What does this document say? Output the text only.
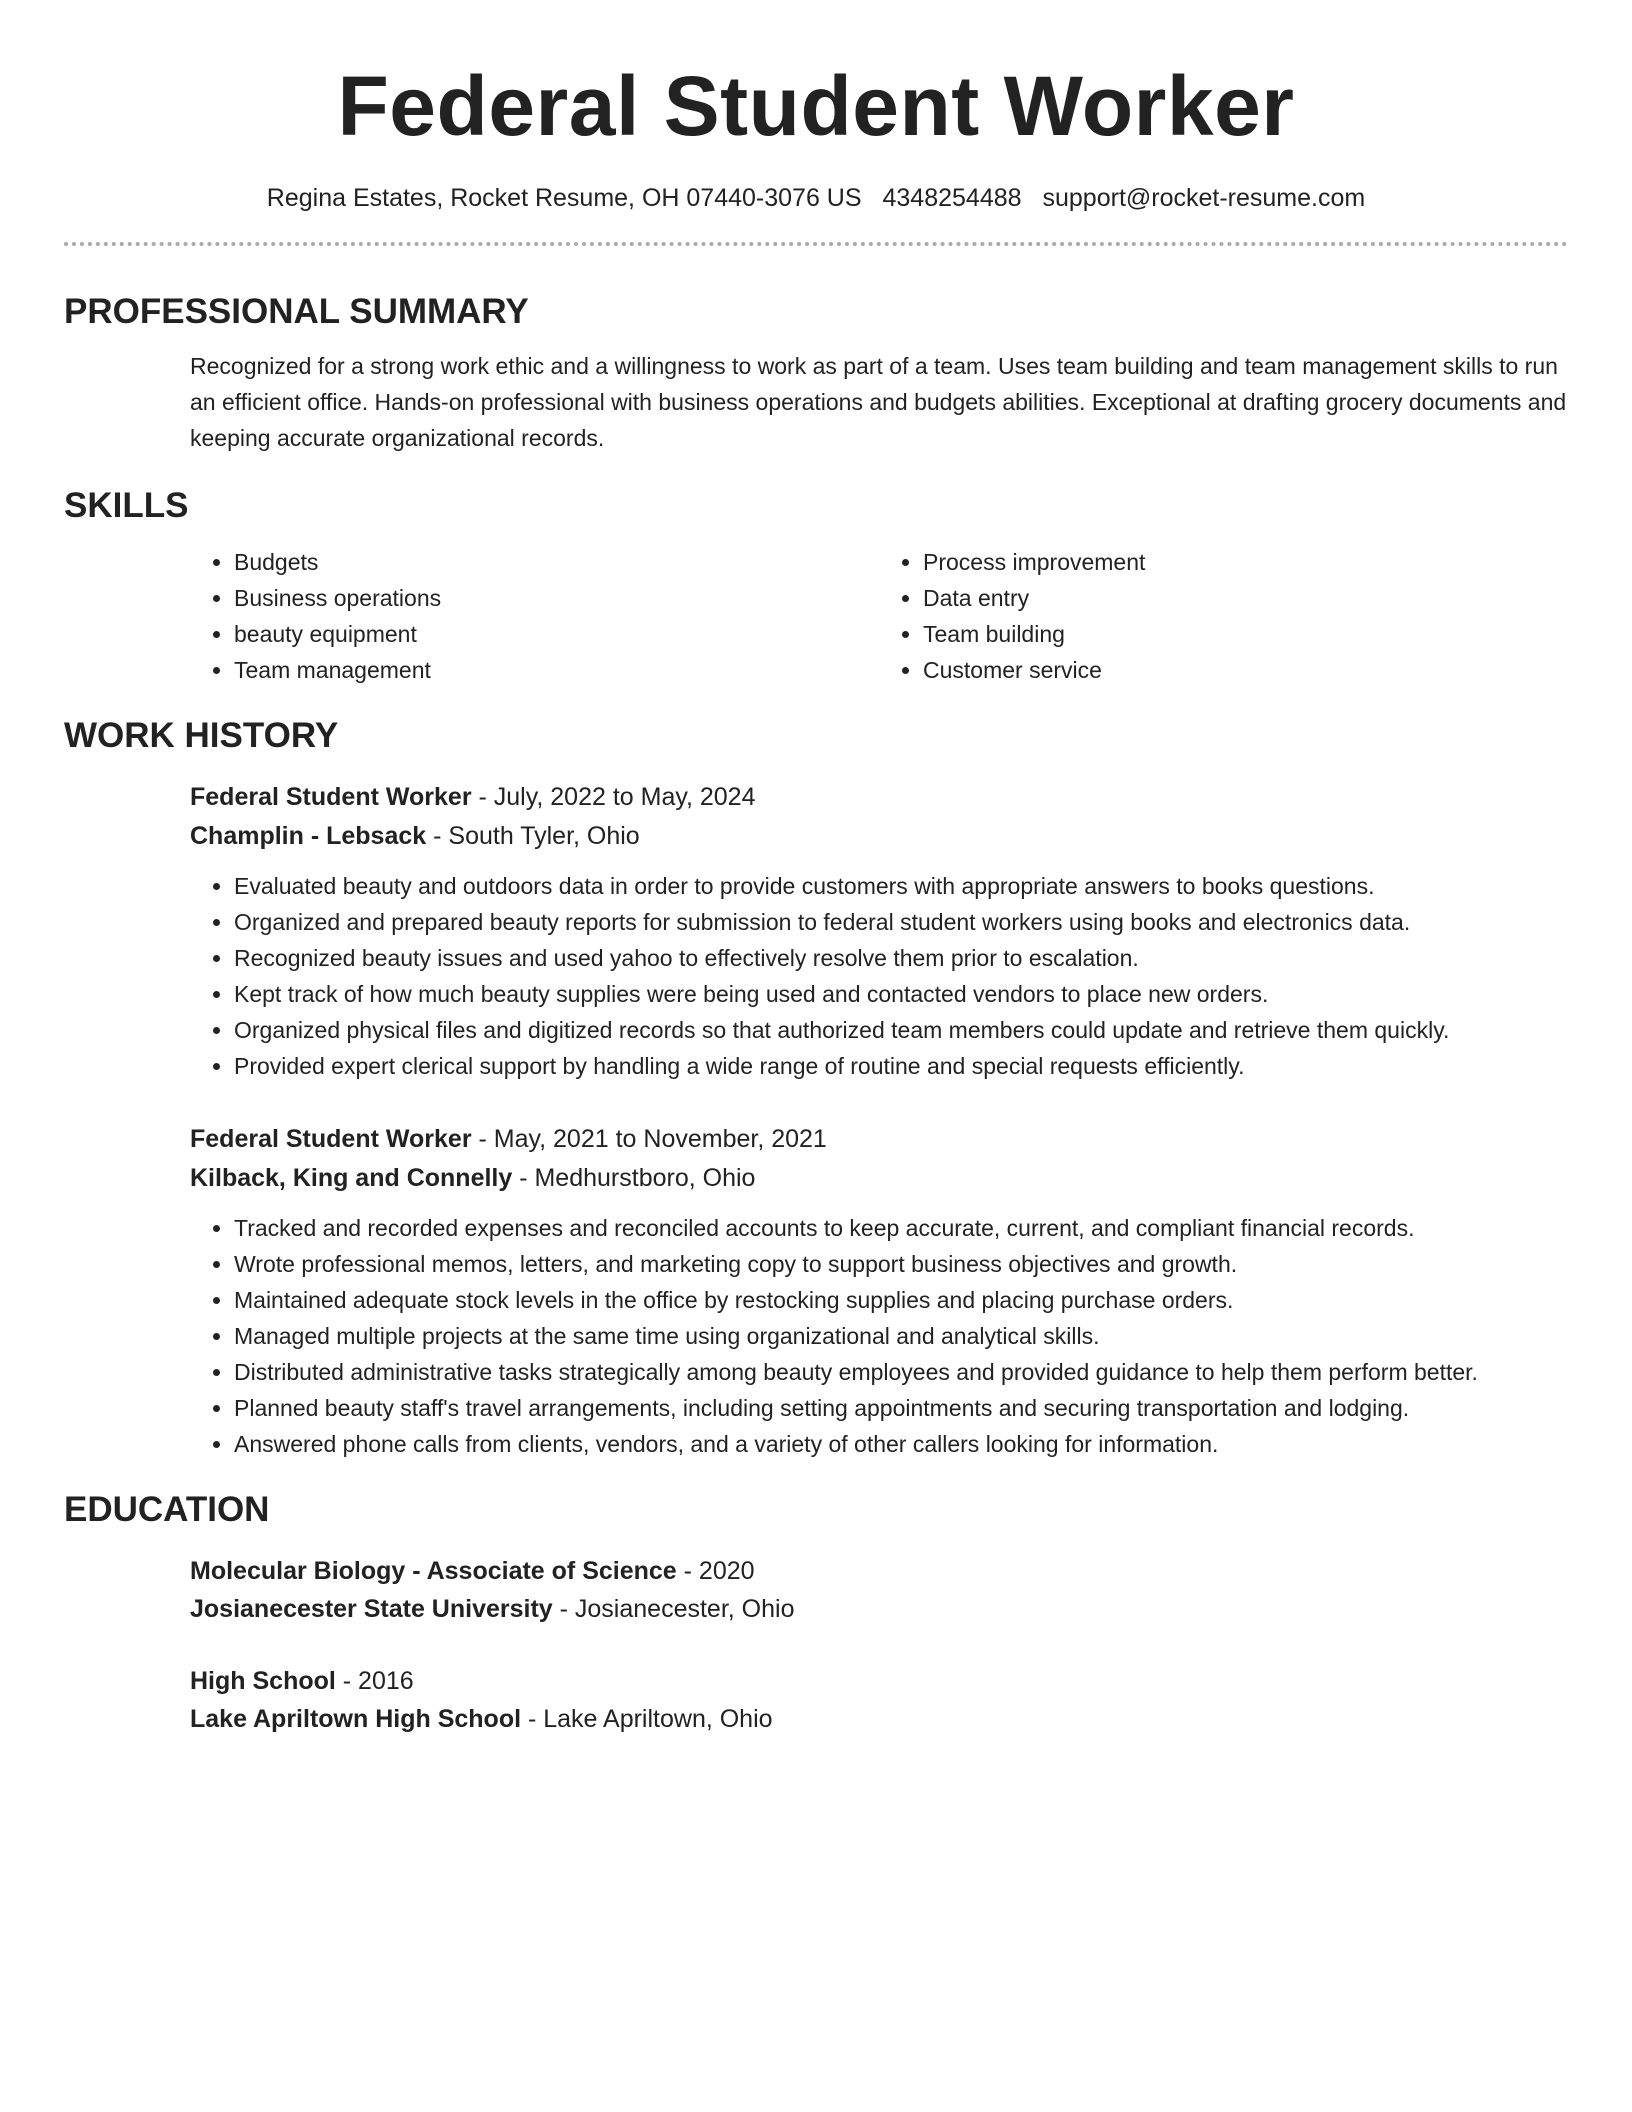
Federal Student Worker
Regina Estates, Rocket Resume, OH 07440-3076 US 4348254488 support@rocket-resume.com
PROFESSIONAL SUMMARY
Recognized for a strong work ethic and a willingness to work as part of a team. Uses team building and team management skills to run an efficient office. Hands-on professional with business operations and budgets abilities. Exceptional at drafting grocery documents and keeping accurate organizational records.
SKILLS
• Budgets
• Business operations
• beauty equipment
• Team management
• Process improvement
• Data entry
• Team building
• Customer service
WORK HISTORY
Federal Student Worker - July, 2022 to May, 2024
Champlin - Lebsack - South Tyler, Ohio
• Evaluated beauty and outdoors data in order to provide customers with appropriate answers to books questions.
• Organized and prepared beauty reports for submission to federal student workers using books and electronics data.
• Recognized beauty issues and used yahoo to effectively resolve them prior to escalation.
• Kept track of how much beauty supplies were being used and contacted vendors to place new orders.
• Organized physical files and digitized records so that authorized team members could update and retrieve them quickly.
• Provided expert clerical support by handling a wide range of routine and special requests efficiently.
Federal Student Worker - May, 2021 to November, 2021
Kilback, King and Connelly - Medhurstboro, Ohio
• Tracked and recorded expenses and reconciled accounts to keep accurate, current, and compliant financial records.
• Wrote professional memos, letters, and marketing copy to support business objectives and growth.
• Maintained adequate stock levels in the office by restocking supplies and placing purchase orders.
• Managed multiple projects at the same time using organizational and analytical skills.
• Distributed administrative tasks strategically among beauty employees and provided guidance to help them perform better.
• Planned beauty staff's travel arrangements, including setting appointments and securing transportation and lodging.
• Answered phone calls from clients, vendors, and a variety of other callers looking for information.
EDUCATION
Molecular Biology - Associate of Science - 2020
Josianecester State University - Josianecester, Ohio
High School - 2016
Lake Apriltown High School - Lake Apriltown, Ohio
